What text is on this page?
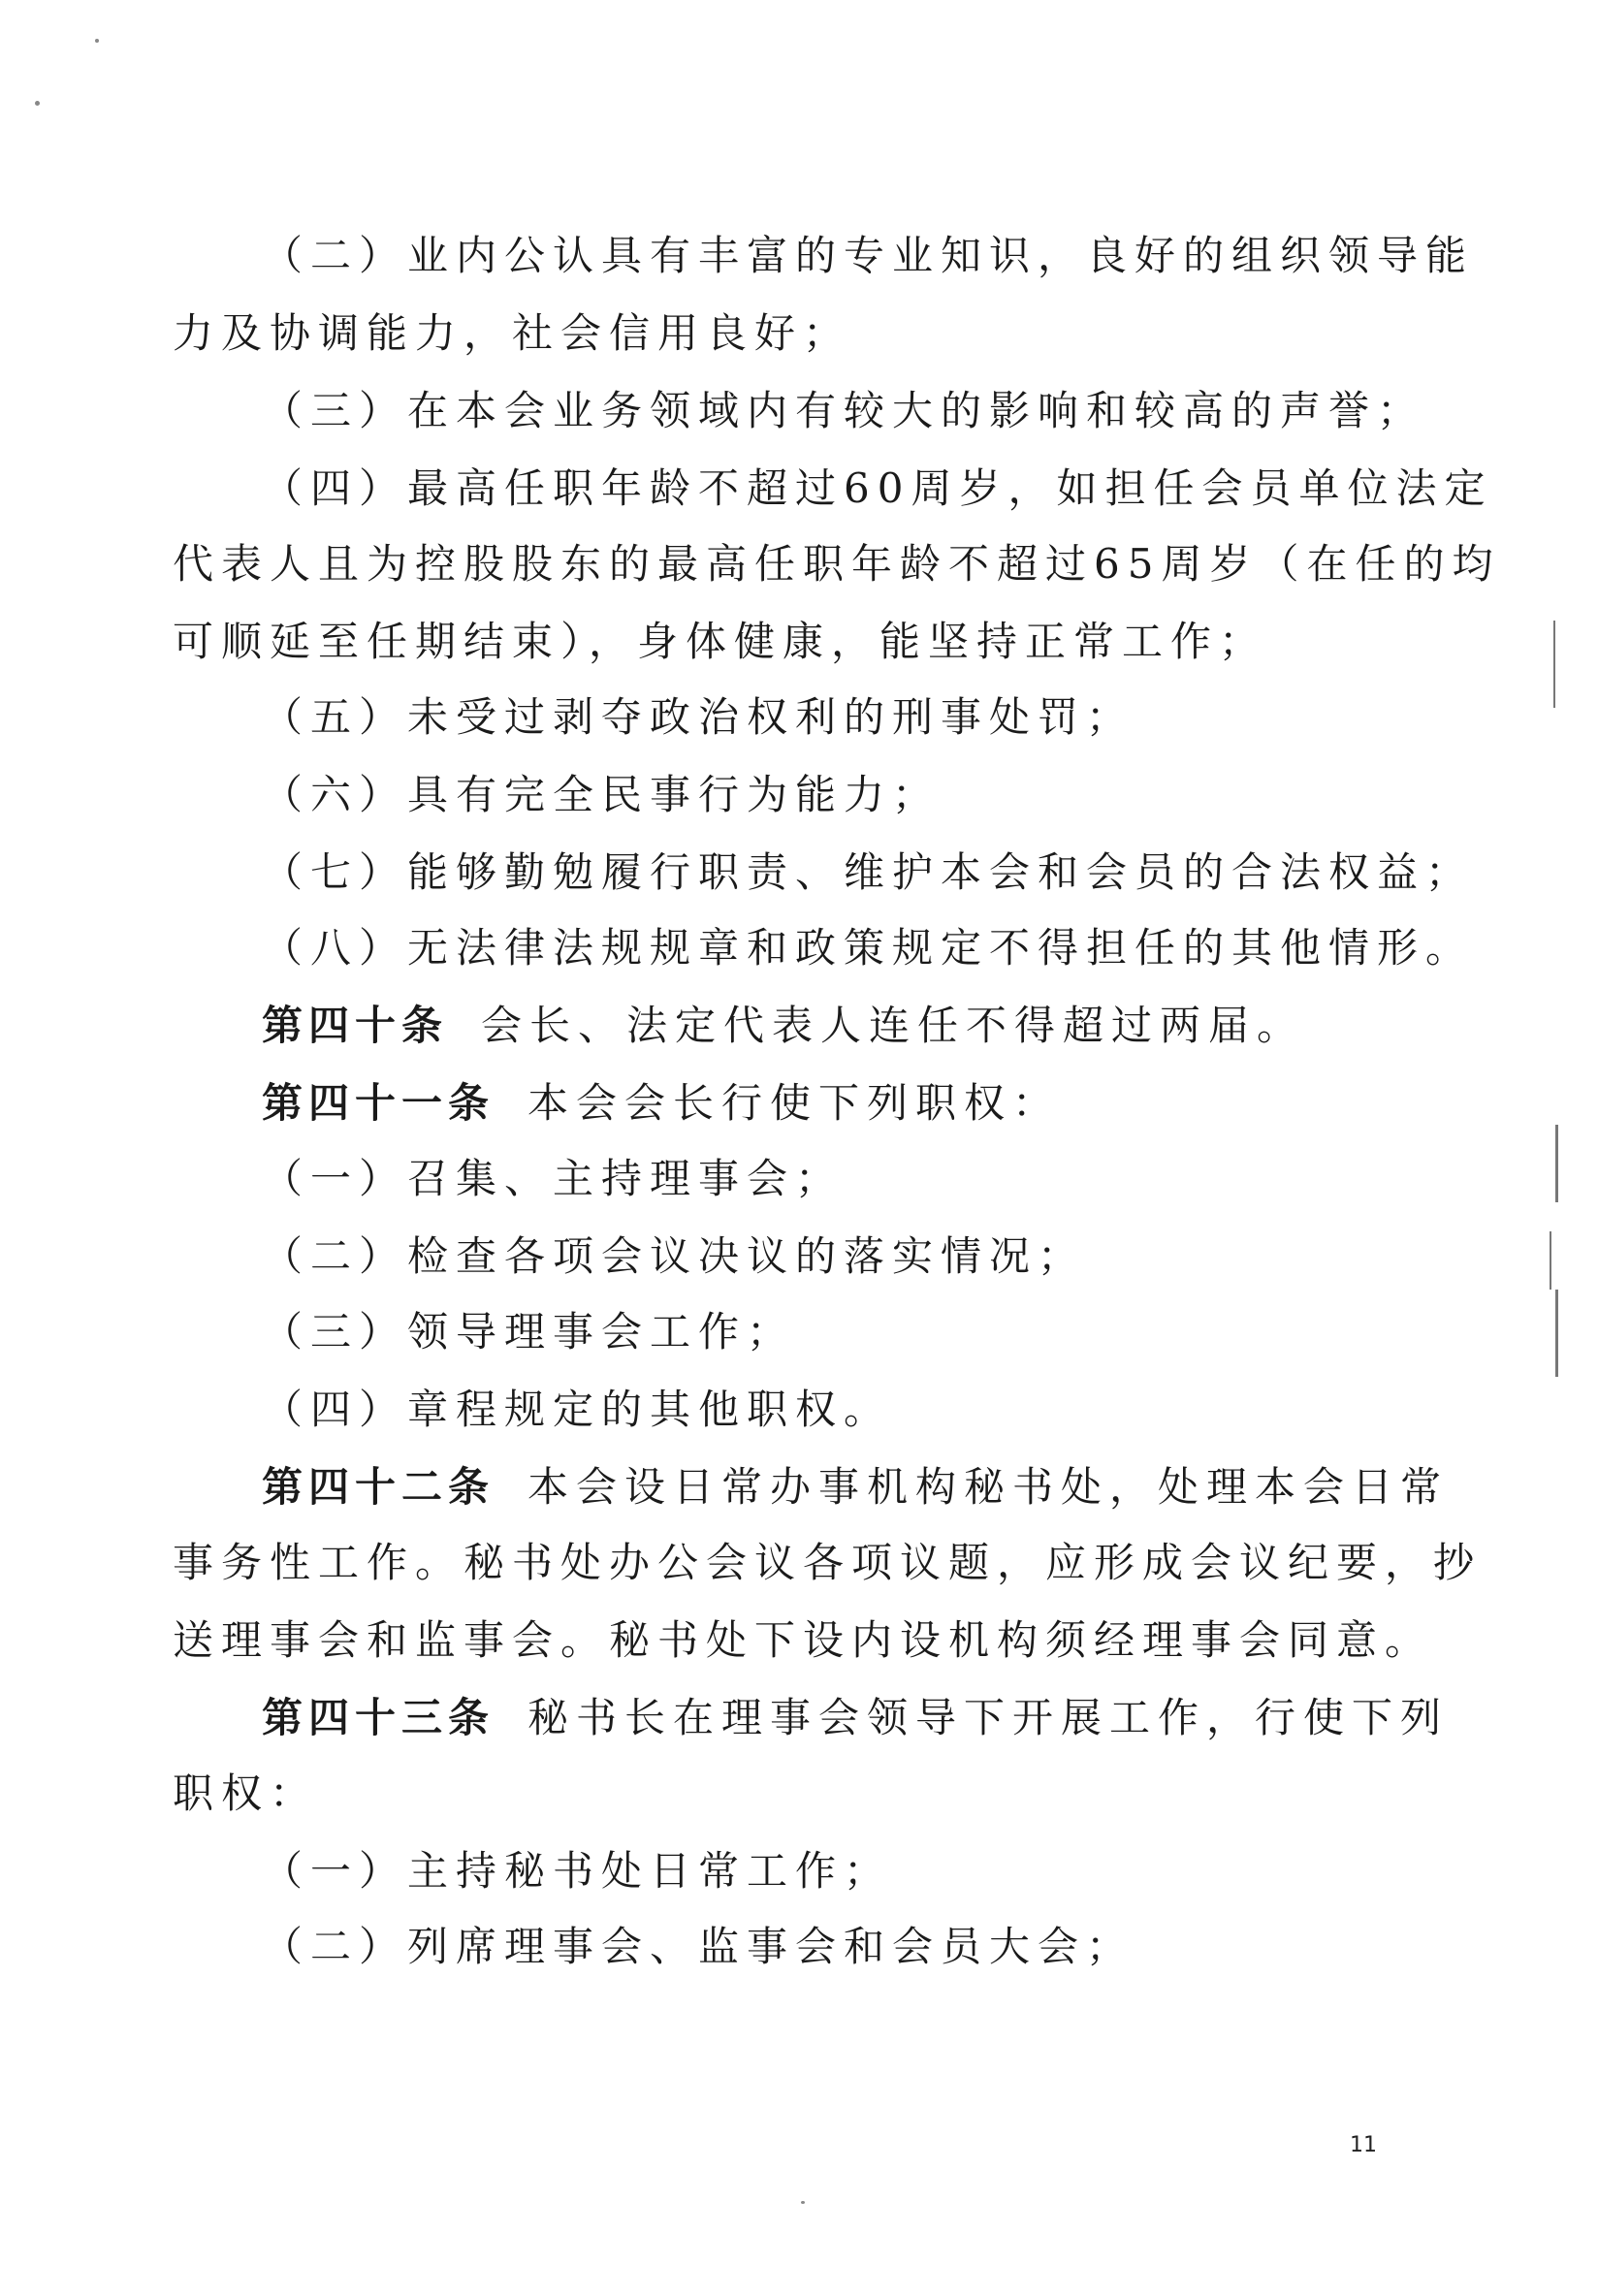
（二）业内公认具有丰富的专业知识，良好的组织领导能
力及协调能力，社会信用良好；
（三）在本会业务领域内有较大的影响和较高的声誉；
（四）最高任职年龄不超过60周岁，如担任会员单位法定
代表人且为控股股东的最高任职年龄不超过65周岁（在任的均
可顺延至任期结束），身体健康，能坚持正常工作；
（五）未受过剥夺政治权利的刑事处罚；
（六）具有完全民事行为能力；
（七）能够勤勉履行职责、维护本会和会员的合法权益；
（八）无法律法规规章和政策规定不得担任的其他情形。
第四十条 会长、法定代表人连任不得超过两届。
第四十一条 本会会长行使下列职权：
（一）召集、主持理事会；
（二）检查各项会议决议的落实情况；
（三）领导理事会工作；
（四）章程规定的其他职权。
第四十二条 本会设日常办事机构秘书处，处理本会日常
事务性工作。秘书处办公会议各项议题，应形成会议纪要，抄
送理事会和监事会。秘书处下设内设机构须经理事会同意。
第四十三条 秘书长在理事会领导下开展工作，行使下列
职权：
（一）主持秘书处日常工作；
（二）列席理事会、监事会和会员大会；
11
